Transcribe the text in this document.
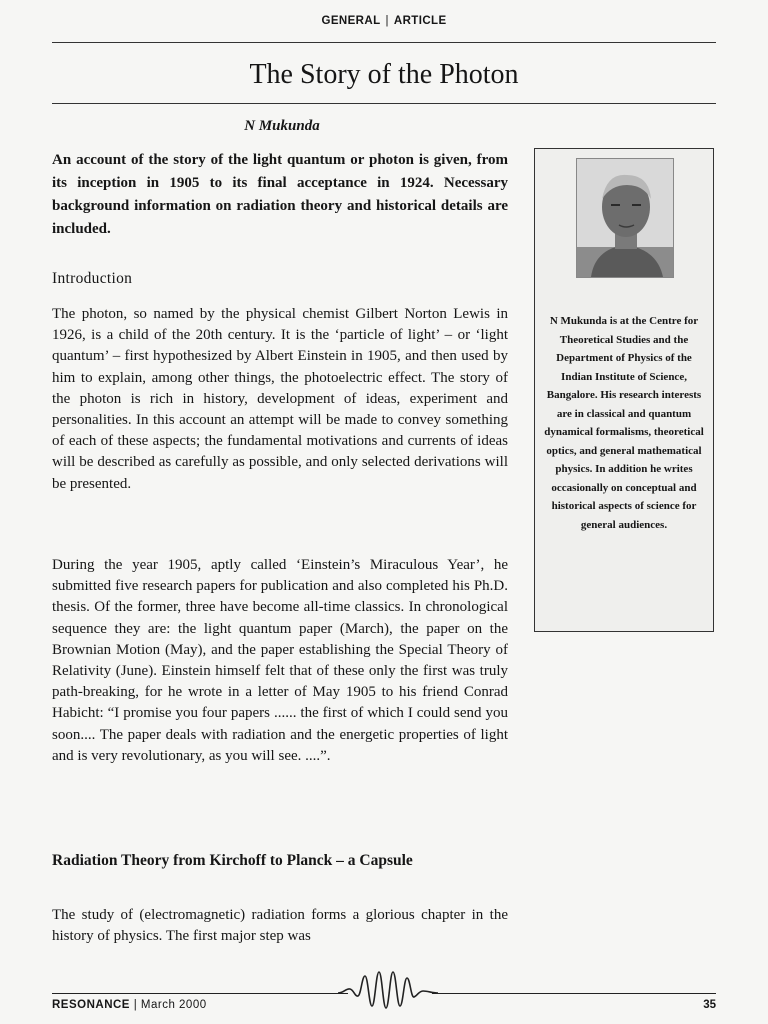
GENERAL | ARTICLE
The Story of the Photon

N Mukunda

An account of the story of the light quantum or photon is given, from its inception in 1905 to its final acceptance in 1924. Necessary background information on radiation theory and historical details are included.

Introduction

The photon, so named by the physical chemist Gilbert Norton Lewis in 1926, is a child of the 20th century. It is the ‘particle of light’ – or ‘light quantum’ – first hypothesized by Albert Einstein in 1905, and then used by him to explain, among other things, the photoelectric effect. The story of the photon is rich in history, development of ideas, experiment and personalities. In this account an attempt will be made to convey something of each of these aspects; the fundamental motivations and currents of ideas will be described as carefully as possible, and only selected derivations will be presented.

During the year 1905, aptly called ‘Einstein’s Miraculous Year’, he submitted five research papers for publication and also completed his Ph.D. thesis. Of the former, three have become all-time classics. In chronological sequence they are: the light quantum paper (March), the paper on the Brownian Motion (May), and the paper establishing the Special Theory of Relativity (June). Einstein himself felt that of these only the first was truly path-breaking, for he wrote in a letter of May 1905 to his friend Conrad Habicht: “I promise you four papers ...... the first of which I could send you soon.... The paper deals with radiation and the energetic properties of light and is very revolutionary, as you will see. ....”.

Radiation Theory from Kirchoff to Planck – a Capsule

The study of (electromagnetic) radiation forms a glorious chapter in the history of physics. The first major step was

N Mukunda is at the Centre for Theoretical Studies and the Department of Physics of the Indian Institute of Science, Bangalore. His research interests are in classical and quantum dynamical formalisms, theoretical optics, and general mathematical physics. In addition he writes occasionally on conceptual and historical aspects of science for general audiences.

RESONANCE | March 2000	35
